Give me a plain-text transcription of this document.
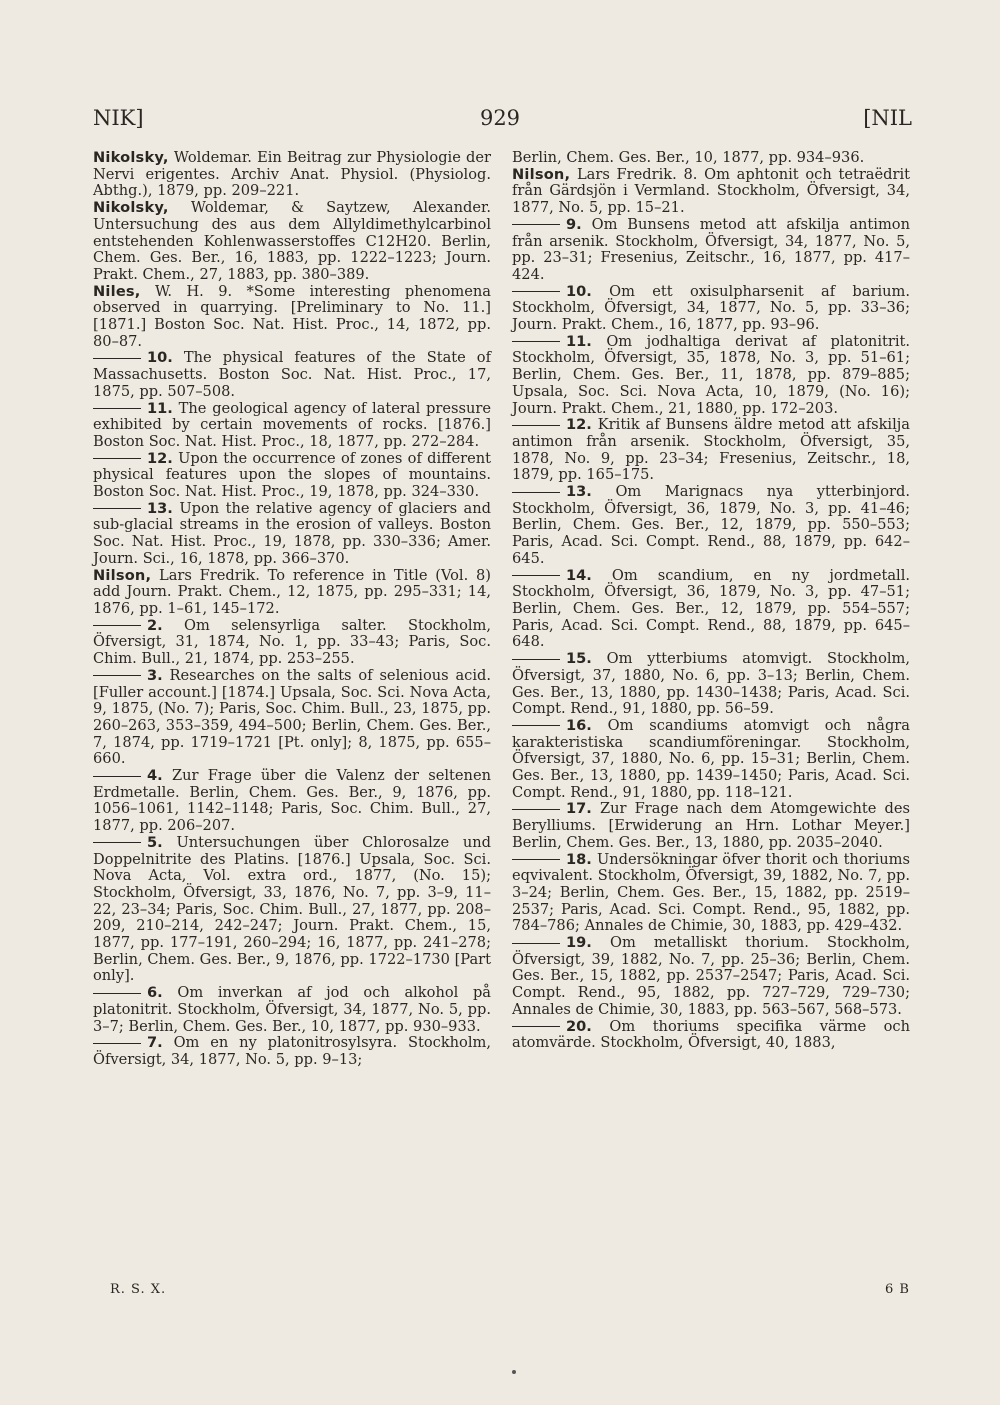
NIK]	929	[NIL
Nikolsky, Woldemar. Ein Beitrag zur Physiologie der Nervi erigentes. Archiv Anat. Physiol. (Physiolog. Abthg.), 1879, pp. 209–221.
Nikolsky, Woldemar, & Saytzew, Alexander. Untersuchung des aus dem Allyldimethylcarbinol entstehenden Kohlenwasserstoffes C12H20. Berlin, Chem. Ges. Ber., 16, 1883, pp. 1222–1223; Journ. Prakt. Chem., 27, 1883, pp. 380–389.
Niles, W. H. 9. *Some interesting phenomena observed in quarrying. [Preliminary to No. 11.] [1871.] Boston Soc. Nat. Hist. Proc., 14, 1872, pp. 80–87.
10. The physical features of the State of Massachusetts. Boston Soc. Nat. Hist. Proc., 17, 1875, pp. 507–508.
11. The geological agency of lateral pressure exhibited by certain movements of rocks. [1876.] Boston Soc. Nat. Hist. Proc., 18, 1877, pp. 272–284.
12. Upon the occurrence of zones of different physical features upon the slopes of mountains. Boston Soc. Nat. Hist. Proc., 19, 1878, pp. 324–330.
13. Upon the relative agency of glaciers and sub-glacial streams in the erosion of valleys. Boston Soc. Nat. Hist. Proc., 19, 1878, pp. 330–336; Amer. Journ. Sci., 16, 1878, pp. 366–370.
Nilson, Lars Fredrik. To reference in Title (Vol. 8) add Journ. Prakt. Chem., 12, 1875, pp. 295–331; 14, 1876, pp. 1–61, 145–172.
2. Om selensyrliga salter. Stockholm, Öfversigt, 31, 1874, No. 1, pp. 33–43; Paris, Soc. Chim. Bull., 21, 1874, pp. 253–255.
3. Researches on the salts of selenious acid. [Fuller account.] [1874.] Upsala, Soc. Sci. Nova Acta, 9, 1875, (No. 7); Paris, Soc. Chim. Bull., 23, 1875, pp. 260–263, 353–359, 494–500; Berlin, Chem. Ges. Ber., 7, 1874, pp. 1719–1721 [Pt. only]; 8, 1875, pp. 655–660.
4. Zur Frage über die Valenz der seltenen Erdmetalle. Berlin, Chem. Ges. Ber., 9, 1876, pp. 1056–1061, 1142–1148; Paris, Soc. Chim. Bull., 27, 1877, pp. 206–207.
5. Untersuchungen über Chlorosalze und Doppelnitrite des Platins. [1876.] Upsala, Soc. Sci. Nova Acta, Vol. extra ord., 1877, (No. 15); Stockholm, Öfversigt, 33, 1876, No. 7, pp. 3–9, 11–22, 23–34; Paris, Soc. Chim. Bull., 27, 1877, pp. 208–209, 210–214, 242–247; Journ. Prakt. Chem., 15, 1877, pp. 177–191, 260–294; 16, 1877, pp. 241–278; Berlin, Chem. Ges. Ber., 9, 1876, pp. 1722–1730 [Part only].
6. Om inverkan af jod och alkohol på platonitrit. Stockholm, Öfversigt, 34, 1877, No. 5, pp. 3–7; Berlin, Chem. Ges. Ber., 10, 1877, pp. 930–933.
7. Om en ny platonitrosylsyra. Stockholm, Öfversigt, 34, 1877, No. 5, pp. 9–13;
Berlin, Chem. Ges. Ber., 10, 1877, pp. 934–936.
Nilson, Lars Fredrik. 8. Om aphtonit och tetraëdrit från Gärdsjön i Vermland. Stockholm, Öfversigt, 34, 1877, No. 5, pp. 15–21.
9. Om Bunsens metod att afskilja antimon från arsenik. Stockholm, Öfversigt, 34, 1877, No. 5, pp. 23–31; Fresenius, Zeitschr., 16, 1877, pp. 417–424.
10. Om ett oxisulpharsenit af barium. Stockholm, Öfversigt, 34, 1877, No. 5, pp. 33–36; Journ. Prakt. Chem., 16, 1877, pp. 93–96.
11. Om jodhaltiga derivat af platonitrit. Stockholm, Öfversigt, 35, 1878, No. 3, pp. 51–61; Berlin, Chem. Ges. Ber., 11, 1878, pp. 879–885; Upsala, Soc. Sci. Nova Acta, 10, 1879, (No. 16); Journ. Prakt. Chem., 21, 1880, pp. 172–203.
12. Kritik af Bunsens äldre metod att afskilja antimon från arsenik. Stockholm, Öfversigt, 35, 1878, No. 9, pp. 23–34; Fresenius, Zeitschr., 18, 1879, pp. 165–175.
13. Om Marignacs nya ytterbinjord. Stockholm, Öfversigt, 36, 1879, No. 3, pp. 41–46; Berlin, Chem. Ges. Ber., 12, 1879, pp. 550–553; Paris, Acad. Sci. Compt. Rend., 88, 1879, pp. 642–645.
14. Om scandium, en ny jordmetall. Stockholm, Öfversigt, 36, 1879, No. 3, pp. 47–51; Berlin, Chem. Ges. Ber., 12, 1879, pp. 554–557; Paris, Acad. Sci. Compt. Rend., 88, 1879, pp. 645–648.
15. Om ytterbiums atomvigt. Stockholm, Öfversigt, 37, 1880, No. 6, pp. 3–13; Berlin, Chem. Ges. Ber., 13, 1880, pp. 1430–1438; Paris, Acad. Sci. Compt. Rend., 91, 1880, pp. 56–59.
16. Om scandiums atomvigt och några karakteristiska scandiumföreningar. Stockholm, Öfversigt, 37, 1880, No. 6, pp. 15–31; Berlin, Chem. Ges. Ber., 13, 1880, pp. 1439–1450; Paris, Acad. Sci. Compt. Rend., 91, 1880, pp. 118–121.
17. Zur Frage nach dem Atomgewichte des Berylliums. [Erwiderung an Hrn. Lothar Meyer.] Berlin, Chem. Ges. Ber., 13, 1880, pp. 2035–2040.
18. Undersökningar öfver thorit och thoriums eqvivalent. Stockholm, Öfversigt, 39, 1882, No. 7, pp. 3–24; Berlin, Chem. Ges. Ber., 15, 1882, pp. 2519–2537; Paris, Acad. Sci. Compt. Rend., 95, 1882, pp. 784–786; Annales de Chimie, 30, 1883, pp. 429–432.
19. Om metalliskt thorium. Stockholm, Öfversigt, 39, 1882, No. 7, pp. 25–36; Berlin, Chem. Ges. Ber., 15, 1882, pp. 2537–2547; Paris, Acad. Sci. Compt. Rend., 95, 1882, pp. 727–729, 729–730; Annales de Chimie, 30, 1883, pp. 563–567, 568–573.
20. Om thoriums specifika värme och atomvärde. Stockholm, Öfversigt, 40, 1883,
R. S. X.	6 B
